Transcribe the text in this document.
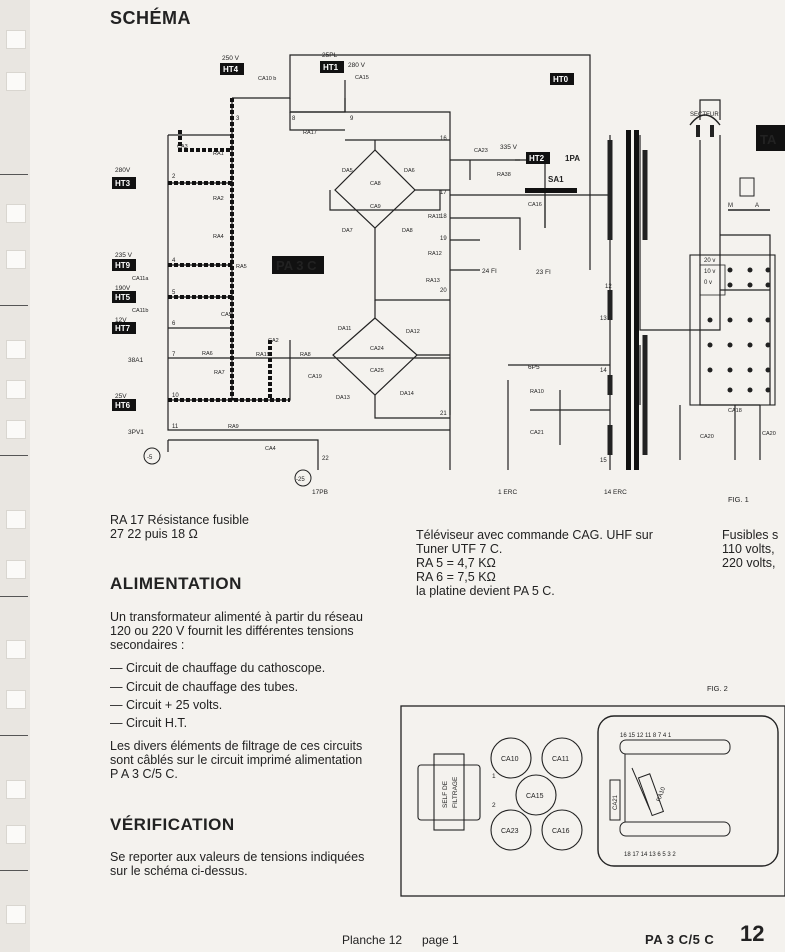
SCHÉMA
TA
HT4	HT1
HT0
HT3
HT2
HT9
HT5
HT7
HT6
PA 3 C
250 V	25PL
280 V
335 V
280V
235 V
190V
12V
25V
38A1
3PV1
6P5
1 ERC	14 ERC
17PB
23 FI
24 FI
1PA
CA10 b	CA15
CA20
CA3
RA1
RA2
RA4
RA5
RA17
DA5	DA6
DA7	DA8
CA8
CA9
CA23
RA38
CA16
RA11
RA12
RA13
SA1
CA11a
CA11b
CA5
CA2
RA6
RA7
RA19	RA8
CA19
DA11	DA12
DA13
DA14
CA24
CA25
RA9
CA4
RA10
CA21
CA18
CA20
3	8	9
16
17
18
19
20
21
22
2
4
5
6
7
10
11
12
13
14
15
-5
-25
M	A
20 v
10 v
0 v
SECTEUR
FIG. 1

RA 17 Résistance fusible

27 22 puis 18 Ω	Téléviseur avec commande CAG. UHF sur

Tuner UTF 7 C.

RA 5 = 4,7 KΩ

RA 6 = 7,5 KΩ

la platine devient PA 5 C.

Fusibles s

110 volts,

220 volts,

ALIMENTATION

Un transformateur alimenté à partir du réseau

120 ou 220 V fournit les différentes tensions

secondaires :

— Circuit de chauffage du cathoscope.

— Circuit de chauffage des tubes.

— Circuit + 25 volts.

— Circuit H.T.

Les divers éléments de filtrage de ces circuits

sont câblés sur le circuit imprimé alimentation

P A 3 C/5 C.

VÉRIFICATION

Se reporter aux valeurs de tensions indiquées

sur le schéma ci-dessus.

FIG. 2
SELF DE FILTRAGE
1
2
CA10	CA11
CA15
CA23	CA16
16 15 12 11 8 7 4 1
CA21	RA10
18 17 14 13 6 5 3 2

Planche 12 page 1	PA 3 C/5 C 12
